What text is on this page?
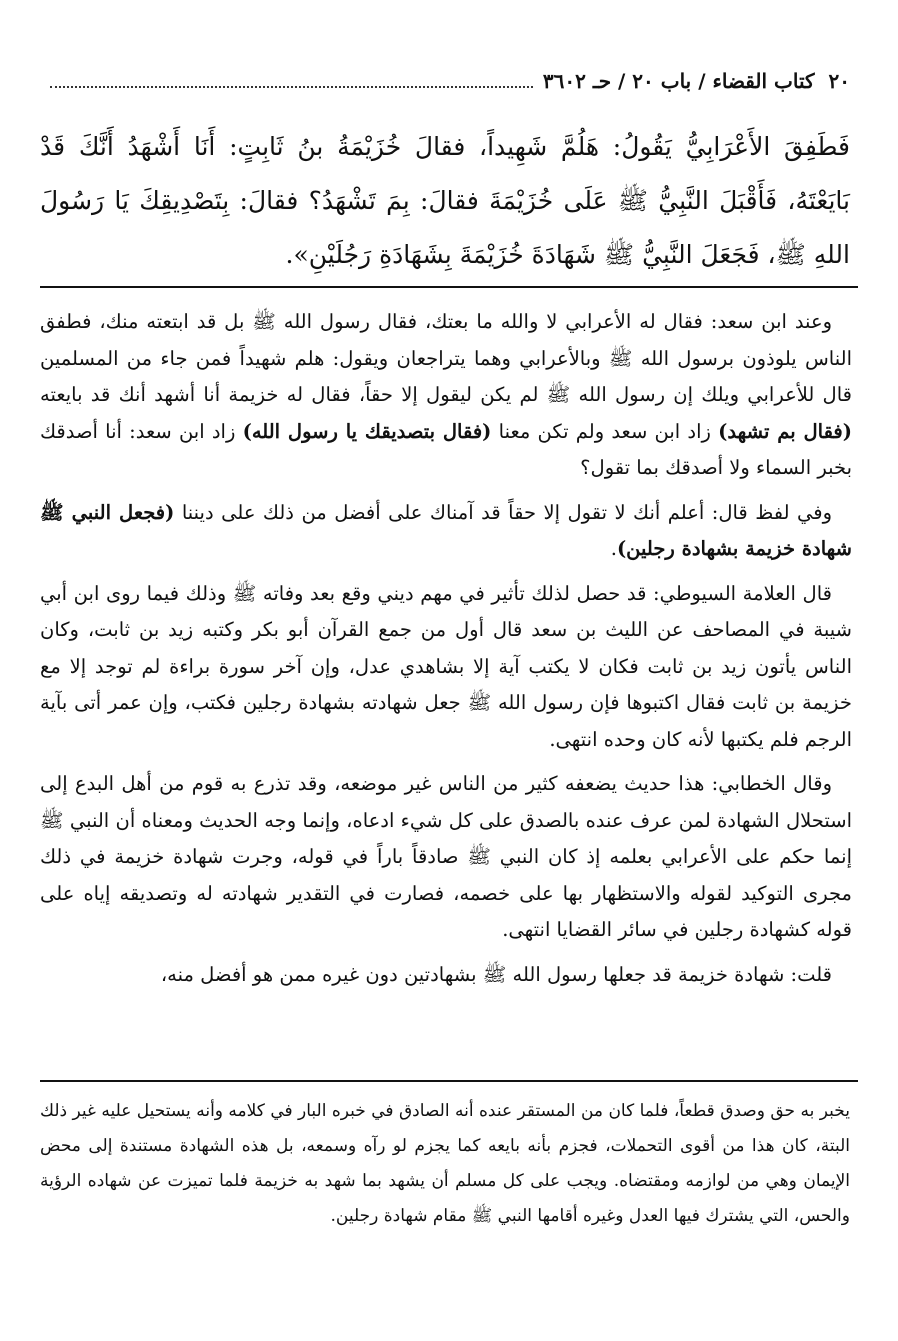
٢٠
كتاب القضاء / باب ٢٠ / حـ ٣٦٠٢
فَطَفِقَ الأَعْرَابِيُّ يَقُولُ: هَلُمَّ شَهِيداً، فقالَ خُزَيْمَةُ بنُ ثَابِتٍ: أَنَا أَشْهَدُ أَنَّكَ قَدْ بَايَعْتَهُ، فَأَقْبَلَ النَّبِيُّ ﷺ عَلَى خُزَيْمَةَ فقالَ: بِمَ تَشْهَدُ؟ فقالَ: بِتَصْدِيقِكَ يَا رَسُولَ اللهِ ﷺ، فَجَعَلَ النَّبِيُّ ﷺ شَهَادَةَ خُزَيْمَةَ بِشَهَادَةِ رَجُلَيْنِ».

وعند ابن سعد: فقال له الأعرابي لا والله ما بعتك، فقال رسول الله ﷺ بل قد ابتعته منك، فطفق الناس يلوذون برسول الله ﷺ وبالأعرابي وهما يتراجعان ويقول: هلم شهيداً فمن جاء من المسلمين قال للأعرابي ويلك إن رسول الله ﷺ لم يكن ليقول إلا حقاً، فقال له خزيمة أنا أشهد أنك قد بايعته (فقال بم تشهد) زاد ابن سعد ولم تكن معنا (فقال بتصديقك يا رسول الله) زاد ابن سعد: أنا أصدقك بخبر السماء ولا أصدقك بما تقول؟

وفي لفظ قال: أعلم أنك لا تقول إلا حقاً قد آمناك على أفضل من ذلك على ديننا (فجعل النبي ﷺ شهادة خزيمة بشهادة رجلين).

قال العلامة السيوطي: قد حصل لذلك تأثير في مهم ديني وقع بعد وفاته ﷺ وذلك فيما روى ابن أبي شيبة في المصاحف عن الليث بن سعد قال أول من جمع القرآن أبو بكر وكتبه زيد بن ثابت، وكان الناس يأتون زيد بن ثابت فكان لا يكتب آية إلا بشاهدي عدل، وإن آخر سورة براءة لم توجد إلا مع خزيمة بن ثابت فقال اكتبوها فإن رسول الله ﷺ جعل شهادته بشهادة رجلين فكتب، وإن عمر أتى بآية الرجم فلم يكتبها لأنه كان وحده انتهى.

وقال الخطابي: هذا حديث يضعفه كثير من الناس غير موضعه، وقد تذرع به قوم من أهل البدع إلى استحلال الشهادة لمن عرف عنده بالصدق على كل شيء ادعاه، وإنما وجه الحديث ومعناه أن النبي ﷺ إنما حكم على الأعرابي بعلمه إذ كان النبي ﷺ صادقاً باراً في قوله، وجرت شهادة خزيمة في ذلك مجرى التوكيد لقوله والاستظهار بها على خصمه، فصارت في التقدير شهادته له وتصديقه إياه على قوله كشهادة رجلين في سائر القضايا انتهى.

قلت: شهادة خزيمة قد جعلها رسول الله ﷺ بشهادتين دون غيره ممن هو أفضل منه،

يخبر به حق وصدق قطعاً، فلما كان من المستقر عنده أنه الصادق في خبره البار في كلامه وأنه يستحيل عليه غير ذلك البتة، كان هذا من أقوى التحملات، فجزم بأنه بايعه كما يجزم لو رآه وسمعه، بل هذه الشهادة مستندة إلى محض الإيمان وهي من لوازمه ومقتضاه. ويجب على كل مسلم أن يشهد بما شهد به خزيمة فلما تميزت عن شهاده الرؤية والحس، التي يشترك فيها العدل وغيره أقامها النبي ﷺ مقام شهادة رجلين.
